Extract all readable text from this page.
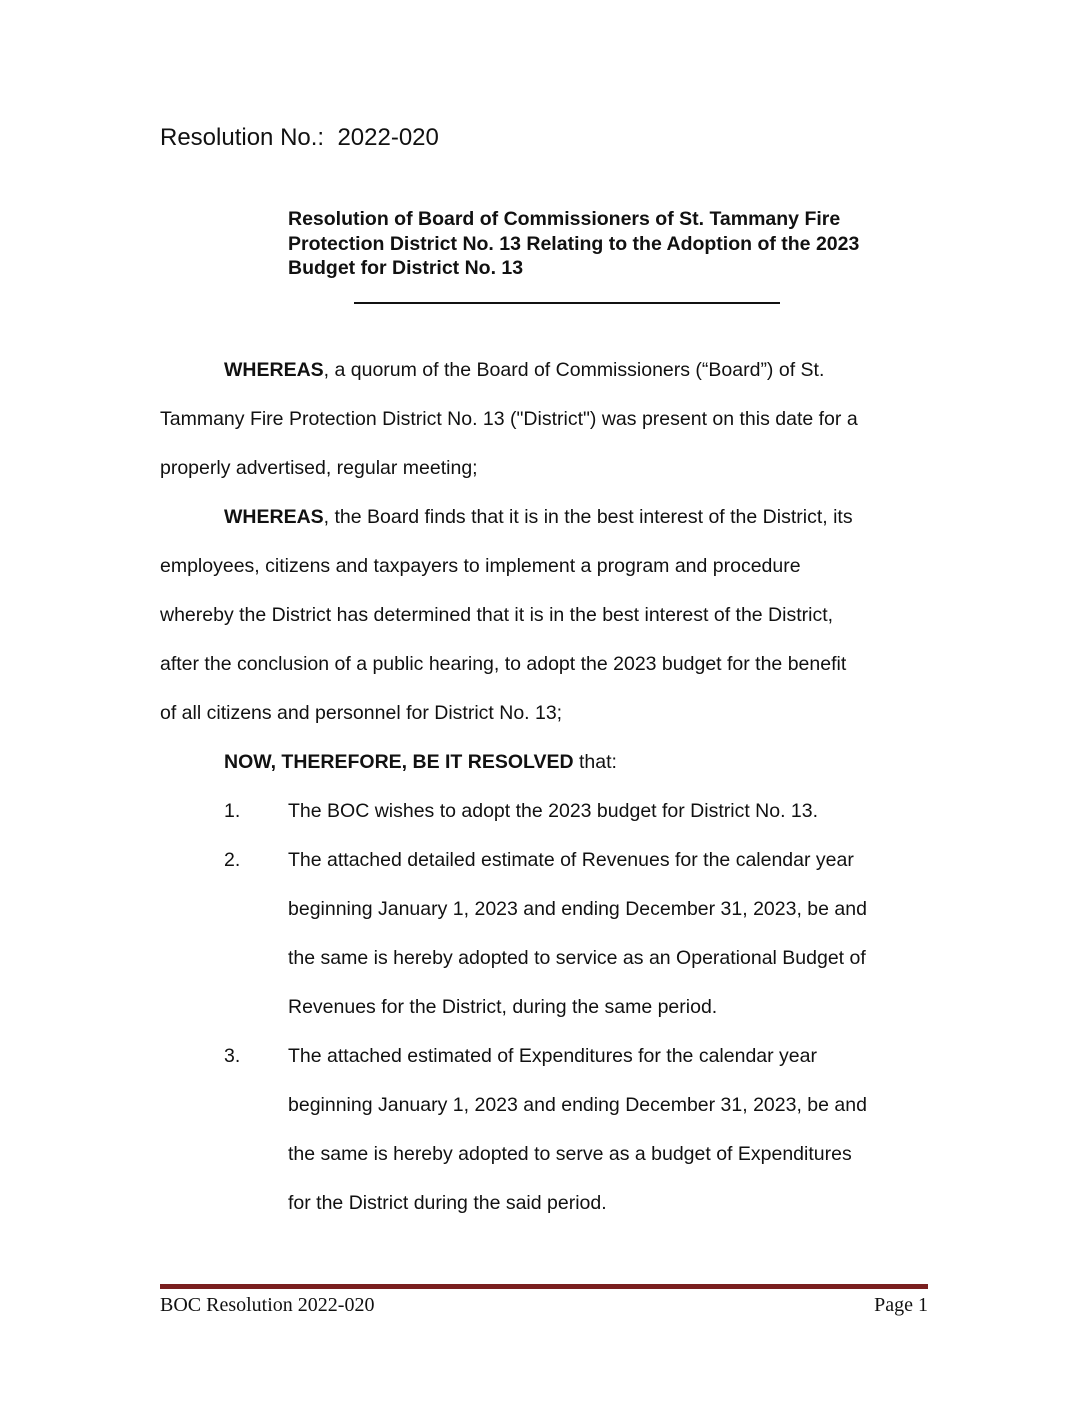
Resolution No.: 2022-020
Resolution of Board of Commissioners of St. Tammany Fire
Protection District No. 13 Relating to the Adoption of the 2023
Budget for District No. 13
WHEREAS, a quorum of the Board of Commissioners (“Board”) of St.
Tammany Fire Protection District No. 13 ("District") was present on this date for a
properly advertised, regular meeting;
WHEREAS, the Board finds that it is in the best interest of the District, its
employees, citizens and taxpayers to implement a program and procedure
whereby the District has determined that it is in the best interest of the District,
after the conclusion of a public hearing, to adopt the 2023 budget for the benefit
of all citizens and personnel for District No. 13;
NOW, THEREFORE, BE IT RESOLVED that:
1. The BOC wishes to adopt the 2023 budget for District No. 13.
2. The attached detailed estimate of Revenues for the calendar year
beginning January 1, 2023 and ending December 31, 2023, be and
the same is hereby adopted to service as an Operational Budget of
Revenues for the District, during the same period.
3. The attached estimated of Expenditures for the calendar year
beginning January 1, 2023 and ending December 31, 2023, be and
the same is hereby adopted to serve as a budget of Expenditures
for the District during the said period.
BOC Resolution 2022-020	Page 1
